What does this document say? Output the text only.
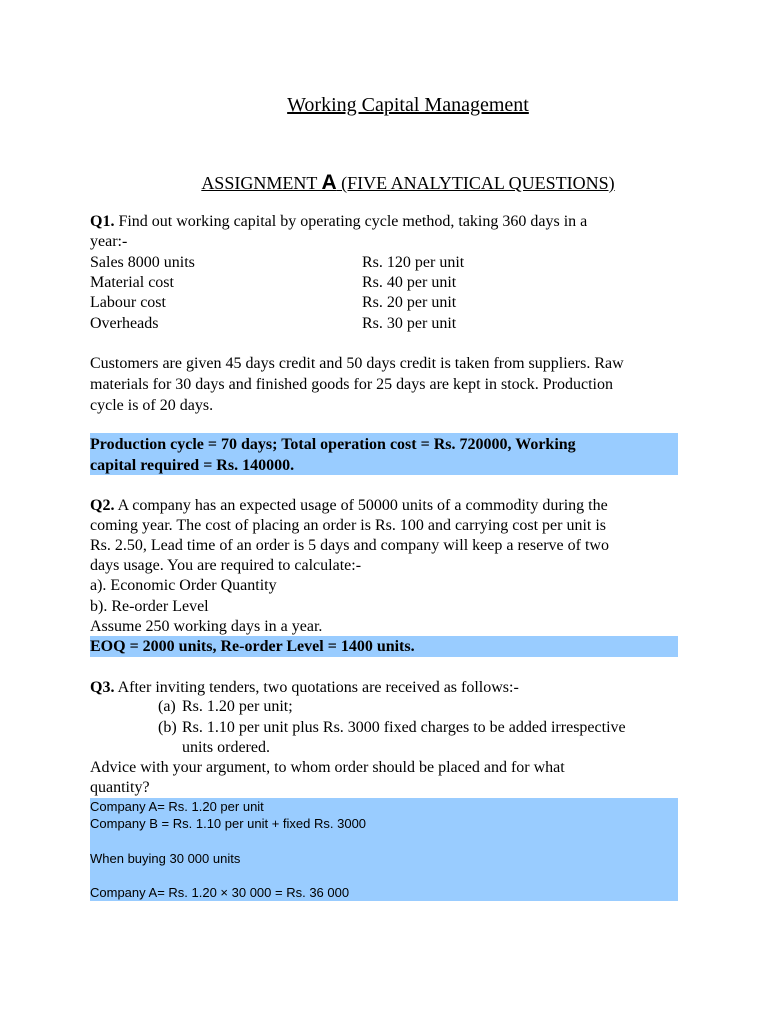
Working Capital Management
ASSIGNMENT A (FIVE ANALYTICAL QUESTIONS)
Q1. Find out working capital by operating cycle method, taking 360 days in a
year:-
Sales 8000 units	Rs. 120 per unit
Material cost	Rs. 40 per unit
Labour cost	Rs. 20 per unit
Overheads	Rs. 30 per unit
Customers are given 45 days credit and 50 days credit is taken from suppliers. Raw
materials for 30 days and finished goods for 25 days are kept in stock. Production
cycle is of 20 days.
Production cycle = 70 days; Total operation cost = Rs. 720000, Working
capital required = Rs. 140000.
Q2. A company has an expected usage of 50000 units of a commodity during the
coming year. The cost of placing an order is Rs. 100 and carrying cost per unit is
Rs. 2.50, Lead time of an order is 5 days and company will keep a reserve of two
days usage. You are required to calculate:-
a). Economic Order Quantity
b). Re-order Level
Assume 250 working days in a year.
EOQ = 2000 units, Re-order Level = 1400 units.
Q3. After inviting tenders, two quotations are received as follows:-
(a) Rs. 1.20 per unit;
(b) Rs. 1.10 per unit plus Rs. 3000 fixed charges to be added irrespective
units ordered.
Advice with your argument, to whom order should be placed and for what
quantity?
Company A= Rs. 1.20 per unit
Company B = Rs. 1.10 per unit + fixed Rs. 3000
When buying 30 000 units
Company A= Rs. 1.20 × 30 000 = Rs. 36 000
